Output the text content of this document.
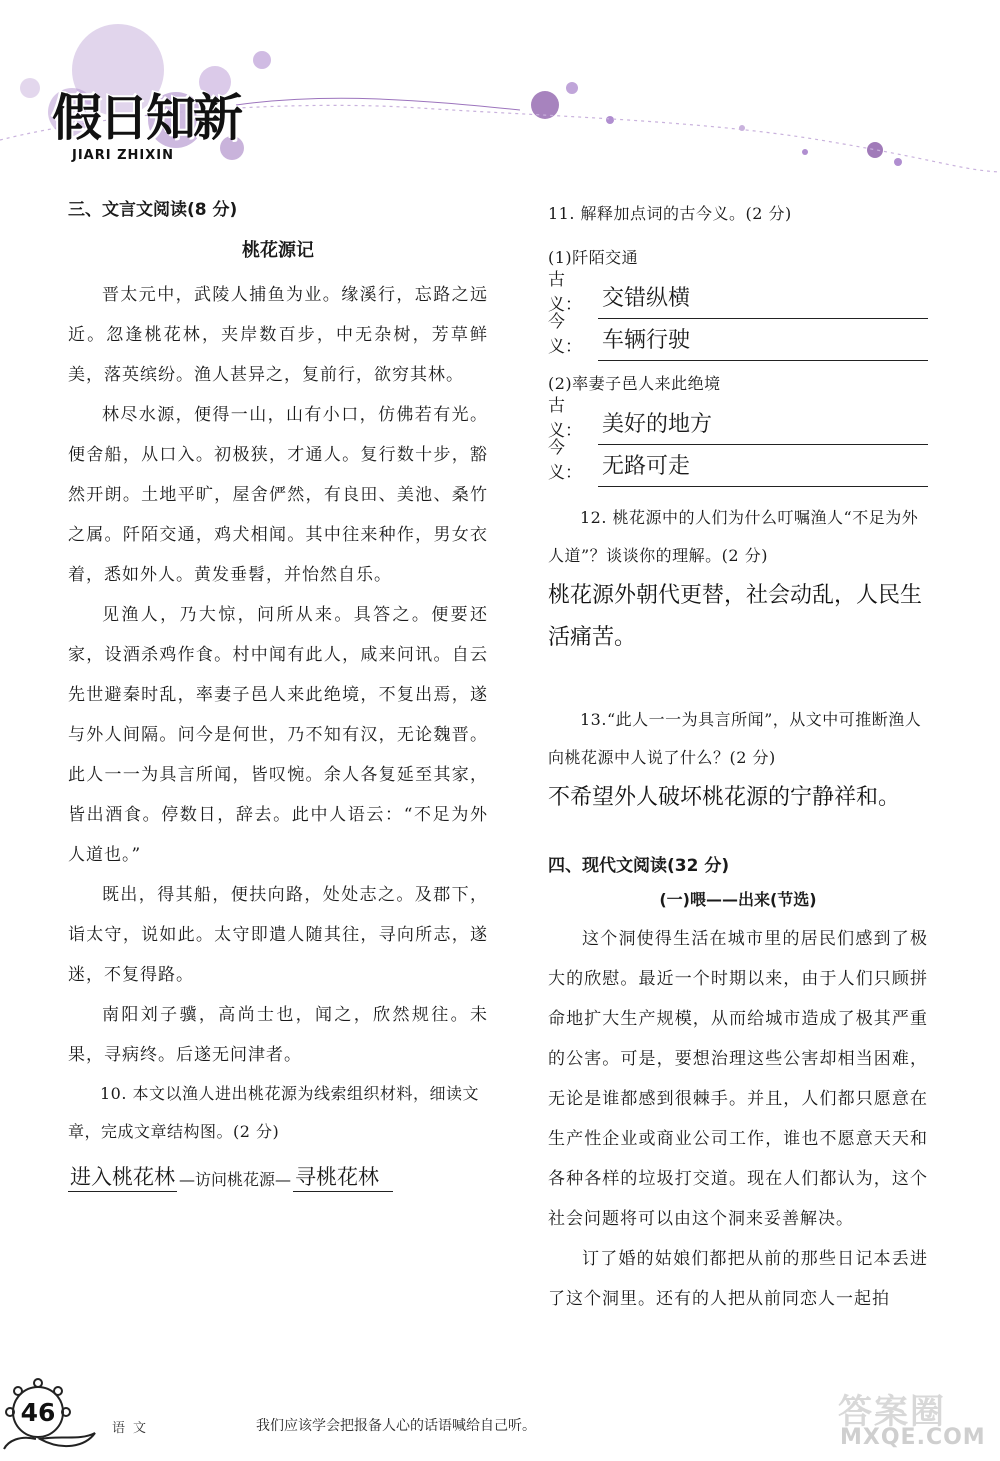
假日知新
JIARI ZHIXIN
三、文言文阅读(8 分)
桃花源记

晋太元中，武陵人捕鱼为业。缘溪行，忘路之远近。忽逢桃花林，夹岸数百步，中无杂树，芳草鲜美，落英缤纷。渔人甚异之，复前行，欲穷其林。

林尽水源，便得一山，山有小口，仿佛若有光。便舍船，从口入。初极狭，才通人。复行数十步，豁然开朗。土地平旷，屋舍俨然，有良田、美池、桑竹之属。阡陌交通，鸡犬相闻。其中往来种作，男女衣着，悉如外人。黄发垂髫，并怡然自乐。

见渔人，乃大惊，问所从来。具答之。便要还家，设酒杀鸡作食。村中闻有此人，咸来问讯。自云先世避秦时乱，率妻子邑人来此绝境，不复出焉，遂与外人间隔。问今是何世，乃不知有汉，无论魏晋。此人一一为具言所闻，皆叹惋。余人各复延至其家，皆出酒食。停数日，辞去。此中人语云：“不足为外人道也。”

既出，得其船，便扶向路，处处志之。及郡下，诣太守，说如此。太守即遣人随其往，寻向所志，遂迷，不复得路。

南阳刘子骥，高尚士也，闻之，欣然规往。未果，寻病终。后遂无问津者。

10. 本文以渔人进出桃花源为线索组织材料，细读文章，完成文章结构图。(2 分)

进入桃花林 —访问桃花源— 寻桃花林

11. 解释加点词的古今义。(2 分)

(1)阡陌交通

古义： 交错纵横
今义： 车辆行驶

(2)率妻子邑人来此绝境

古义： 美好的地方
今义： 无路可走

12. 桃花源中的人们为什么叮嘱渔人“不足为外人道”？谈谈你的理解。(2 分)

桃花源外朝代更替，社会动乱，人民生活痛苦。

13.“此人一一为具言所闻”，从文中可推断渔人向桃花源中人说了什么？(2 分)

不希望外人破坏桃花源的宁静祥和。
四、现代文阅读(32 分)
(一)喂——出来(节选)

这个洞使得生活在城市里的居民们感到了极大的欣慰。最近一个时期以来，由于人们只顾拼命地扩大生产规模，从而给城市造成了极其严重的公害。可是，要想治理这些公害却相当困难，无论是谁都感到很棘手。并且，人们都只愿意在生产性企业或商业公司工作，谁也不愿意天天和各种各样的垃圾打交道。现在人们都认为，这个社会问题将可以由这个洞来妥善解决。

订了婚的姑娘们都把从前的那些日记本丢进了这个洞里。还有的人把从前同恋人一起拍

46
语文	我们应该学会把报备人心的话语喊给自己听。	答案圈
MXQE.COM
